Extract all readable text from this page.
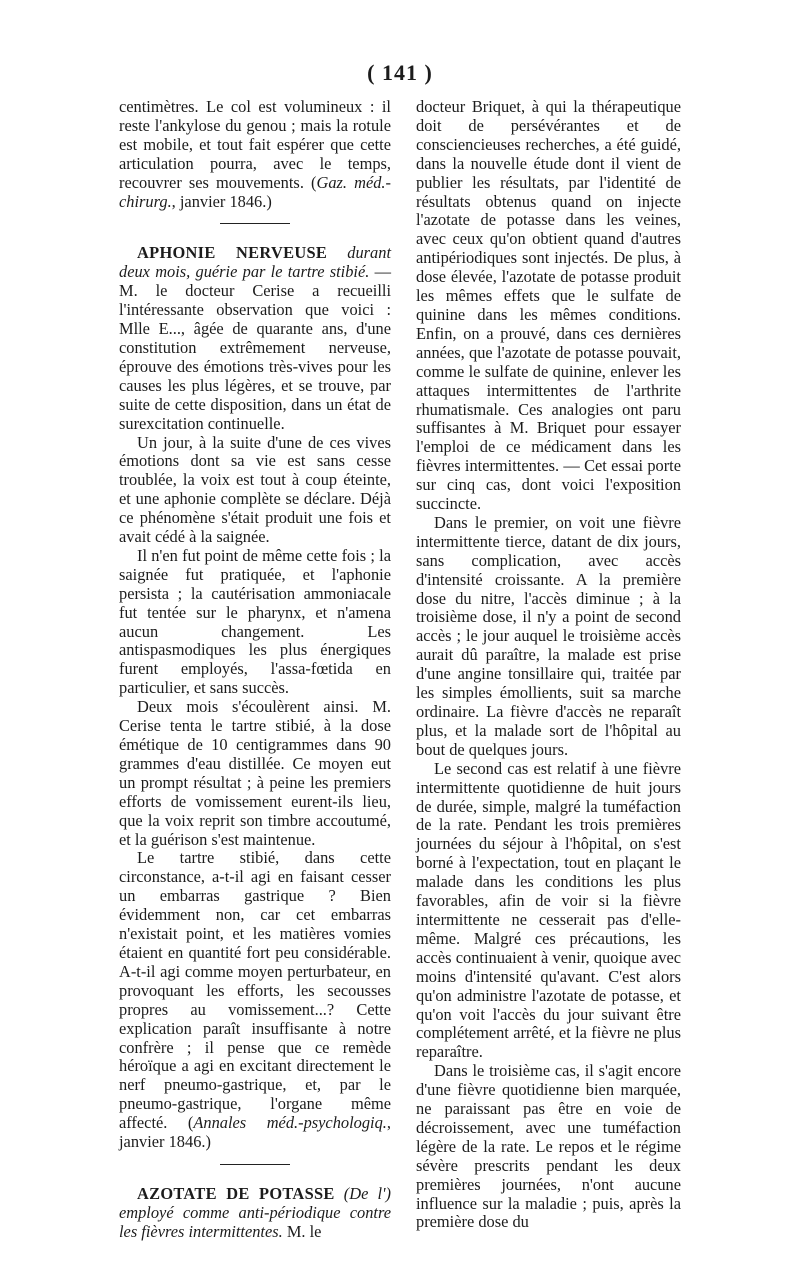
( 141 )

centimètres. Le col est volumineux : il reste l'ankylose du genou ; mais la rotule est mobile, et tout fait espérer que cette articulation pourra, avec le temps, recouvrer ses mouvements. (Gaz. méd.-chirurg., janvier 1846.)

APHONIE NERVEUSE durant deux mois, guérie par le tartre stibié. — M. le docteur Cerise a recueilli l'intéressante observation que voici : Mlle E..., âgée de quarante ans, d'une constitution extrêmement nerveuse, éprouve des émotions très-vives pour les causes les plus légères, et se trouve, par suite de cette disposition, dans un état de surexcitation continuelle.

Un jour, à la suite d'une de ces vives émotions dont sa vie est sans cesse troublée, la voix est tout à coup éteinte, et une aphonie complète se déclare. Déjà ce phénomène s'était produit une fois et avait cédé à la saignée.

Il n'en fut point de même cette fois ; la saignée fut pratiquée, et l'aphonie persista ; la cautérisation ammoniacale fut tentée sur le pharynx, et n'amena aucun changement. Les antispasmodiques les plus énergiques furent employés, l'assa-fœtida en particulier, et sans succès.

Deux mois s'écoulèrent ainsi. M. Cerise tenta le tartre stibié, à la dose émétique de 10 centigrammes dans 90 grammes d'eau distillée. Ce moyen eut un prompt résultat ; à peine les premiers efforts de vomissement eurent-ils lieu, que la voix reprit son timbre accoutumé, et la guérison s'est maintenue.

Le tartre stibié, dans cette circonstance, a-t-il agi en faisant cesser un embarras gastrique ? Bien évidemment non, car cet embarras n'existait point, et les matières vomies étaient en quantité fort peu considérable. A-t-il agi comme moyen perturbateur, en provoquant les efforts, les secousses propres au vomissement...? Cette explication paraît insuffisante à notre confrère ; il pense que ce remède héroïque a agi en excitant directement le nerf pneumo-gastrique, et, par le pneumo-gastrique, l'organe même affecté. (Annales méd.-psychologiq., janvier 1846.)

AZOTATE DE POTASSE (De l') employé comme anti-périodique contre les fièvres intermittentes. M. le

docteur Briquet, à qui la thérapeutique doit de persévérantes et de consciencieuses recherches, a été guidé, dans la nouvelle étude dont il vient de publier les résultats, par l'identité de résultats obtenus quand on injecte l'azotate de potasse dans les veines, avec ceux qu'on obtient quand d'autres antipériodiques sont injectés. De plus, à dose élevée, l'azotate de potasse produit les mêmes effets que le sulfate de quinine dans les mêmes conditions. Enfin, on a prouvé, dans ces dernières années, que l'azotate de potasse pouvait, comme le sulfate de quinine, enlever les attaques intermittentes de l'arthrite rhumatismale. Ces analogies ont paru suffisantes à M. Briquet pour essayer l'emploi de ce médicament dans les fièvres intermittentes. — Cet essai porte sur cinq cas, dont voici l'exposition succincte.

Dans le premier, on voit une fièvre intermittente tierce, datant de dix jours, sans complication, avec accès d'intensité croissante. A la première dose du nitre, l'accès diminue ; à la troisième dose, il n'y a point de second accès ; le jour auquel le troisième accès aurait dû paraître, la malade est prise d'une angine tonsillaire qui, traitée par les simples émollients, suit sa marche ordinaire. La fièvre d'accès ne reparaît plus, et la malade sort de l'hôpital au bout de quelques jours.

Le second cas est relatif à une fièvre intermittente quotidienne de huit jours de durée, simple, malgré la tuméfaction de la rate. Pendant les trois premières journées du séjour à l'hôpital, on s'est borné à l'expectation, tout en plaçant le malade dans les conditions les plus favorables, afin de voir si la fièvre intermittente ne cesserait pas d'elle-même. Malgré ces précautions, les accès continuaient à venir, quoique avec moins d'intensité qu'avant. C'est alors qu'on administre l'azotate de potasse, et qu'on voit l'accès du jour suivant être complétement arrêté, et la fièvre ne plus reparaître.

Dans le troisième cas, il s'agit encore d'une fièvre quotidienne bien marquée, ne paraissant pas être en voie de décroissement, avec une tuméfaction légère de la rate. Le repos et le régime sévère prescrits pendant les deux premières journées, n'ont aucune influence sur la maladie ; puis, après la première dose du
